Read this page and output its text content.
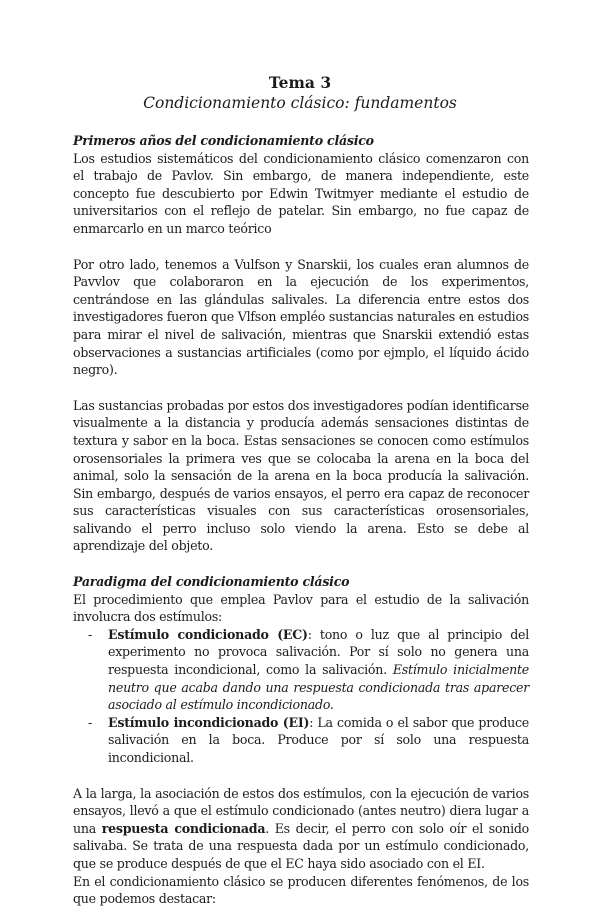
Tema 3
Condicionamiento clásico: fundamentos

Primeros años del condicionamiento clásico

Los estudios sistemáticos del condicionamiento clásico comenzaron con el trabajo de Pavlov. Sin embargo, de manera independiente, este concepto fue descubierto por Edwin Twitmyer mediante el estudio de universitarios con el reflejo de patelar. Sin embargo, no fue capaz de enmarcarlo en un marco teórico

Por otro lado, tenemos a Vulfson y Snarskii, los cuales eran alumnos de Pavvlov que colaboraron en la ejecución de los experimentos, centrándose en las glándulas salivales. La diferencia entre estos dos investigadores fueron que Vlfson empléo sustancias naturales en estudios para mirar el nivel de salivación, mientras que Snarskii extendió estas observaciones a sustancias artificiales (como por ejmplo, el líquido ácido negro).

Las sustancias probadas por estos dos investigadores podían identificarse visualmente a la distancia y producía además sensaciones distintas de textura y sabor en la boca. Estas sensaciones se conocen como estímulos orosensoriales la primera ves que se colocaba la arena en la boca del animal, solo la sensación de la arena en la boca producía la salivación. Sin embargo, después de varios ensayos, el perro era capaz de reconocer sus características visuales con sus características orosensoriales, salivando el perro incluso solo viendo la arena. Esto se debe al aprendizaje del objeto.

Paradigma del condicionamiento clásico

El procedimiento que emplea Pavlov para el estudio de la salivación involucra dos estímulos:

- Estímulo condicionado (EC): tono o luz que al principio del experimento no provoca salivación. Por sí solo no genera una respuesta incondicional, como la salivación. Estímulo inicialmente neutro que acaba dando una respuesta condicionada tras aparecer asociado al estímulo incondicionado.
- Estímulo incondicionado (EI): La comida o el sabor que produce salivación en la boca. Produce por sí solo una respuesta incondicional.

A la larga, la asociación de estos dos estímulos, con la ejecución de varios ensayos, llevó a que el estímulo condicionado (antes neutro) diera lugar a una respuesta condicionada. Es decir, el perro con solo oír el sonido salivaba. Se trata de una respuesta dada por un estímulo condicionado, que se produce después de que el EC haya sido asociado con el EI.

En el condicionamiento clásico se producen diferentes fenómenos, de los que podemos destacar:
